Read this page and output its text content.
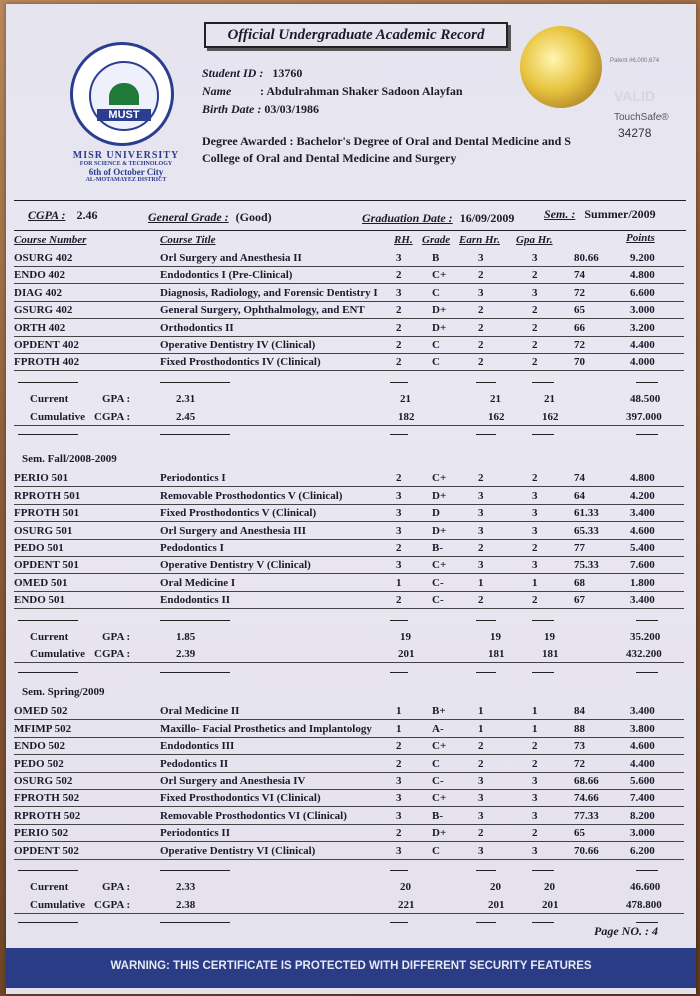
Official Undergraduate Academic Record
MUST
MISR UNIVERSITY
FOR SCIENCE & TECHNOLOGY
6th of October City
AL-MOTAMAYEZ DISTRICT
Student ID : 13760
Name : Abdulrahman Shaker Sadoon Alayfan
Birth Date : 03/03/1986
Degree Awarded : Bachelor's Degree of Oral and Dental Medicine and S
College of Oral and Dental Medicine and Surgery
Patent #6,000,674
VALID
TouchSafe®
34278
CGPA : 2.46	General Grade : (Good)	Graduation Date : 16/09/2009 Sem. : Summer/2009
Course Number	Course Title	RH. Grade Earn Hr. Gpa Hr.	Points
OSURG 402	Orl Surgery and Anesthesia II	3	B	3	3	80.66	9.200
ENDO 402	Endodontics I (Pre-Clinical)	2	C+	2	2	74	4.800
DIAG 402	Diagnosis, Radiology, and Forensic Dentistry I 3	C	3	3	72	6.600
GSURG 402	General Surgery, Ophthalmology, and ENT	2	D+	2	2	65	3.000
ORTH 402	Orthodontics II	2	D+	2	2	66	3.200
OPDENT 402	Operative Dentistry IV (Clinical)	2	C	2	2	72	4.400
FPROTH 402	Fixed Prosthodontics IV (Clinical)	2	C	2	2	70	4.000
Current	GPA :	2.31	21	21	21	48.500
Cumulative CGPA :	2.45	182	162	162	397.000
Sem. Fall/2008-2009
PERIO 501	Periodontics I	2	C+	2	2	74	4.800
RPROTH 501	Removable Prosthodontics V (Clinical)	3	D+	3	3	64	4.200
FPROTH 501	Fixed Prosthodontics V (Clinical)	3	D	3	3	61.33	3.400
OSURG 501	Orl Surgery and Anesthesia III	3	D+	3	3	65.33	4.600
PEDO 501	Pedodontics I	2	B-	2	2	77	5.400
OPDENT 501	Operative Dentistry V (Clinical)	3	C+	3	3	75.33	7.600
OMED 501	Oral Medicine I	1	C-	1	1	68	1.800
ENDO 501	Endodontics II	2	C-	2	2	67	3.400
Current	GPA :	1.85	19	19	19	35.200
Cumulative CGPA :	2.39	201	181	181	432.200
Sem. Spring/2009
OMED 502	Oral Medicine II	1	B+	1	1	84	3.400
MFIMP 502	Maxillo- Facial Prosthetics and Implantology 1	A-	1	1	88	3.800
ENDO 502	Endodontics III	2	C+	2	2	73	4.600
PEDO 502	Pedodontics II	2	C	2	2	72	4.400
OSURG 502	Orl Surgery and Anesthesia IV	3	C-	3	3	68.66	5.600
FPROTH 502	Fixed Prosthodontics VI (Clinical)	3	C+	3	3	74.66	7.400
RPROTH 502	Removable Prosthodontics VI (Clinical)	3	B-	3	3	77.33	8.200
PERIO 502	Periodontics II	2	D+	2	2	65	3.000
OPDENT 502	Operative Dentistry VI (Clinical)	3	C	3	3	70.66	6.200
Current	GPA :	2.33	20	20	20	46.600
Cumulative CGPA :	2.38	221	201	201	478.800
Page NO. : 4
WARNING: THIS CERTIFICATE IS PROTECTED WITH DIFFERENT SECURITY FEATURES
